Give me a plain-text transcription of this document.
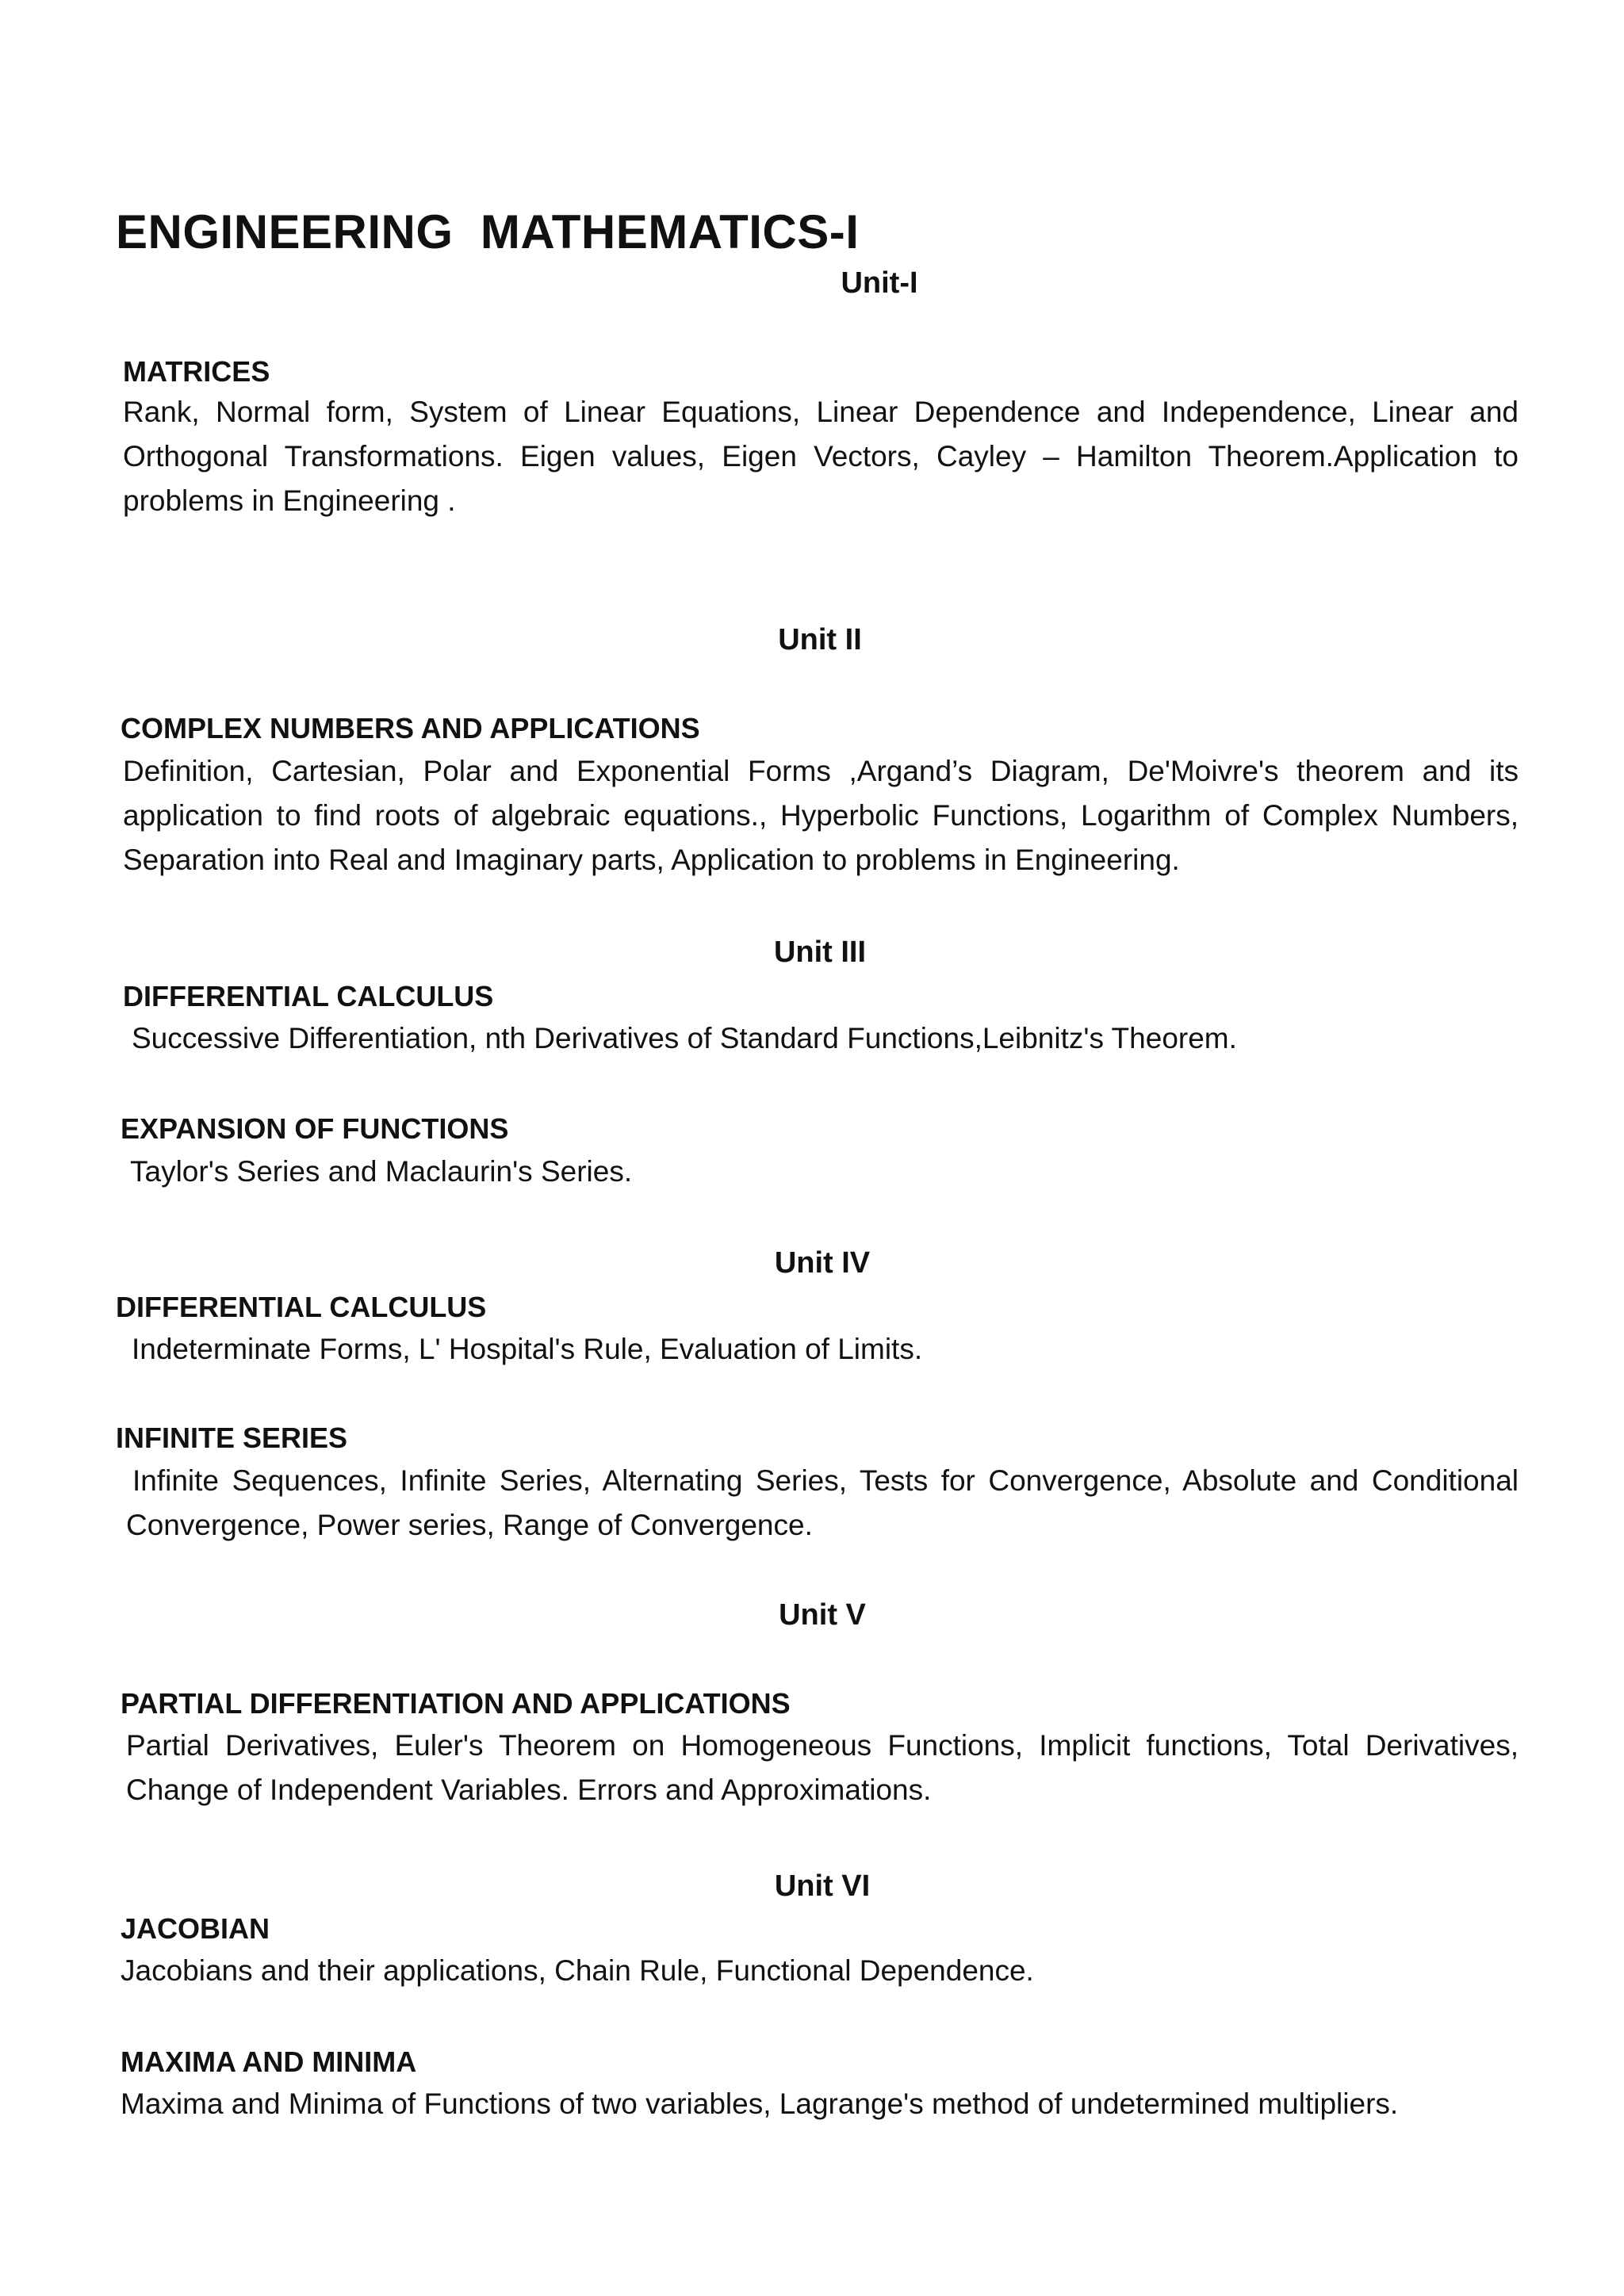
ENGINEERING  MATHEMATICS-I
Unit-I
MATRICES
Rank, Normal form, System of Linear Equations, Linear Dependence and Independence, Linear and Orthogonal Transformations. Eigen values, Eigen Vectors, Cayley – Hamilton Theorem.Application to problems in Engineering .
Unit II
COMPLEX NUMBERS AND APPLICATIONS
Definition, Cartesian, Polar and Exponential Forms ,Argand’s Diagram, De'Moivre's theorem and its application to find roots of algebraic equations., Hyperbolic Functions, Logarithm of Complex Numbers, Separation into Real and Imaginary parts, Application to problems in Engineering.
Unit III
DIFFERENTIAL CALCULUS
Successive Differentiation, nth Derivatives of Standard Functions,Leibnitz's Theorem.
EXPANSION OF FUNCTIONS
Taylor's Series and Maclaurin's Series.
Unit IV
DIFFERENTIAL CALCULUS
Indeterminate Forms, L' Hospital's Rule, Evaluation of Limits.
INFINITE SERIES
Infinite Sequences, Infinite Series, Alternating Series, Tests for Convergence, Absolute and Conditional Convergence, Power series, Range of Convergence.
Unit V
PARTIAL DIFFERENTIATION AND APPLICATIONS
Partial Derivatives, Euler's Theorem on Homogeneous Functions, Implicit functions, Total Derivatives, Change of Independent Variables. Errors and Approximations.
Unit VI
JACOBIAN
Jacobians and their applications, Chain Rule, Functional Dependence.
MAXIMA AND MINIMA
Maxima and Minima of Functions of two variables, Lagrange's method of undetermined multipliers.
